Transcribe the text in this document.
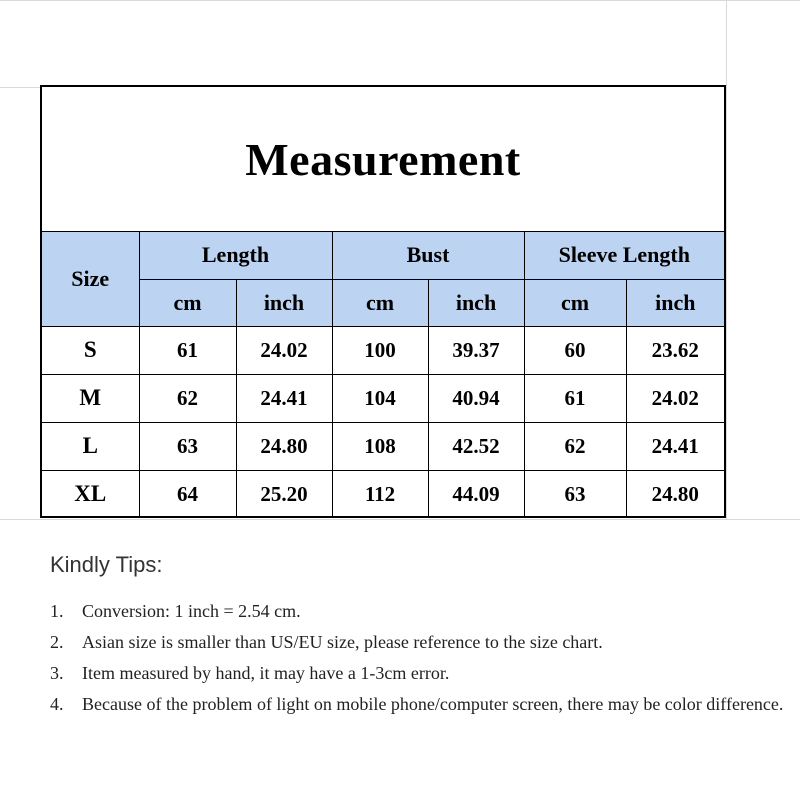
Measurement
Size	Length		Bust		Sleeve Length	
	cm	inch	cm	inch	cm	inch
S	61	24.02	100	39.37	60	23.62
M	62	24.41	104	40.94	61	24.02
L	63	24.80	108	42.52	62	24.41
XL	64	25.20	112	44.09	63	24.80
Kindly Tips:
1.	Conversion: 1 inch = 2.54 cm.
2.	Asian size is smaller than US/EU size, please reference to the size chart.
3.	Item measured by hand, it may have a 1-3cm error.
4.	Because of the problem of light on mobile phone/computer screen, there may be color difference.
